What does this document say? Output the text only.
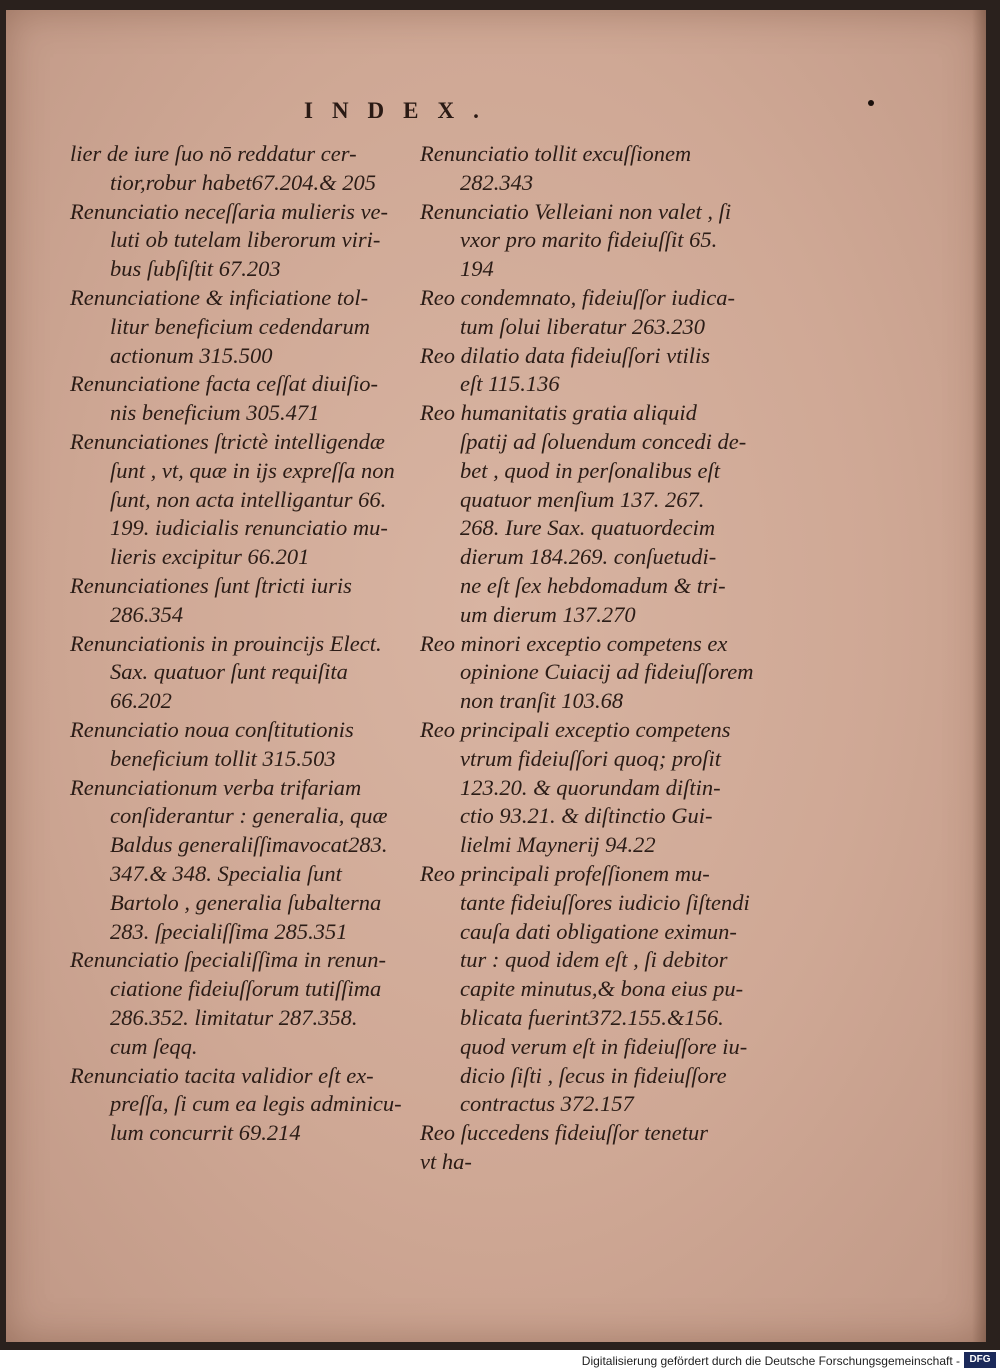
INDEX.
lier de iure ſuo nō reddatur cer-
tior,robur habet67.204.& 205
Renunciatio neceſſaria mulieris ve-
luti ob tutelam liberorum viri-
bus ſubſiſtit 67.203
Renunciatione & inficiatione tol-
litur beneficium cedendarum
actionum 315.500
Renunciatione facta ceſſat diuiſio-
nis beneficium 305.471
Renunciationes ſtrictè intelligendæ
ſunt , vt, quæ in ijs expreſſa non
ſunt, non acta intelligantur 66.
199. iudicialis renunciatio mu-
lieris excipitur 66.201
Renunciationes ſunt ſtricti iuris
286.354
Renunciationis in prouincijs Elect.
Sax. quatuor ſunt requiſita
66.202
Renunciatio noua conſtitutionis
beneficium tollit 315.503
Renunciationum verba trifariam
conſiderantur : generalia, quæ
Baldus generaliſſimavocat283.
347.& 348. Specialia ſunt
Bartolo , generalia ſubalterna
283. ſpecialiſſima 285.351
Renunciatio ſpecialiſſima in renun-
ciatione fideiuſſorum tutiſſima
286.352. limitatur 287.358.
cum ſeqq.
Renunciatio tacita validior eſt ex-
preſſa, ſi cum ea legis adminicu-
lum concurrit 69.214
Renunciatio tollit excuſſionem
282.343
Renunciatio Velleiani non valet , ſi
vxor pro marito fideiuſſit 65.
194
Reo condemnato, fideiuſſor iudica-
tum ſolui liberatur 263.230
Reo dilatio data fideiuſſori vtilis
eſt 115.136
Reo humanitatis gratia aliquid
ſpatij ad ſoluendum concedi de-
bet , quod in perſonalibus eſt
quatuor menſium 137. 267.
268. Iure Sax. quatuordecim
dierum 184.269. conſuetudi-
ne eſt ſex hebdomadum & tri-
um dierum 137.270
Reo minori exceptio competens ex
opinione Cuiacij ad fideiuſſorem
non tranſit 103.68
Reo principali exceptio competens
vtrum fideiuſſori quoq; proſit
123.20. & quorundam diſtin-
ctio 93.21. & diſtinctio Gui-
lielmi Maynerij 94.22
Reo principali profeſſionem mu-
tante fideiuſſores iudicio ſiſtendi
cauſa dati obligatione eximun-
tur : quod idem eſt , ſi debitor
capite minutus,& bona eius pu-
blicata fuerint372.155.&156.
quod verum eſt in fideiuſſore iu-
dicio ſiſti , ſecus in fideiuſſore
contractus 372.157
Reo ſuccedens fideiuſſor tenetur
vt ha-
Digitalisierung gefördert durch die Deutsche Forschungsgemeinschaft - DFG
